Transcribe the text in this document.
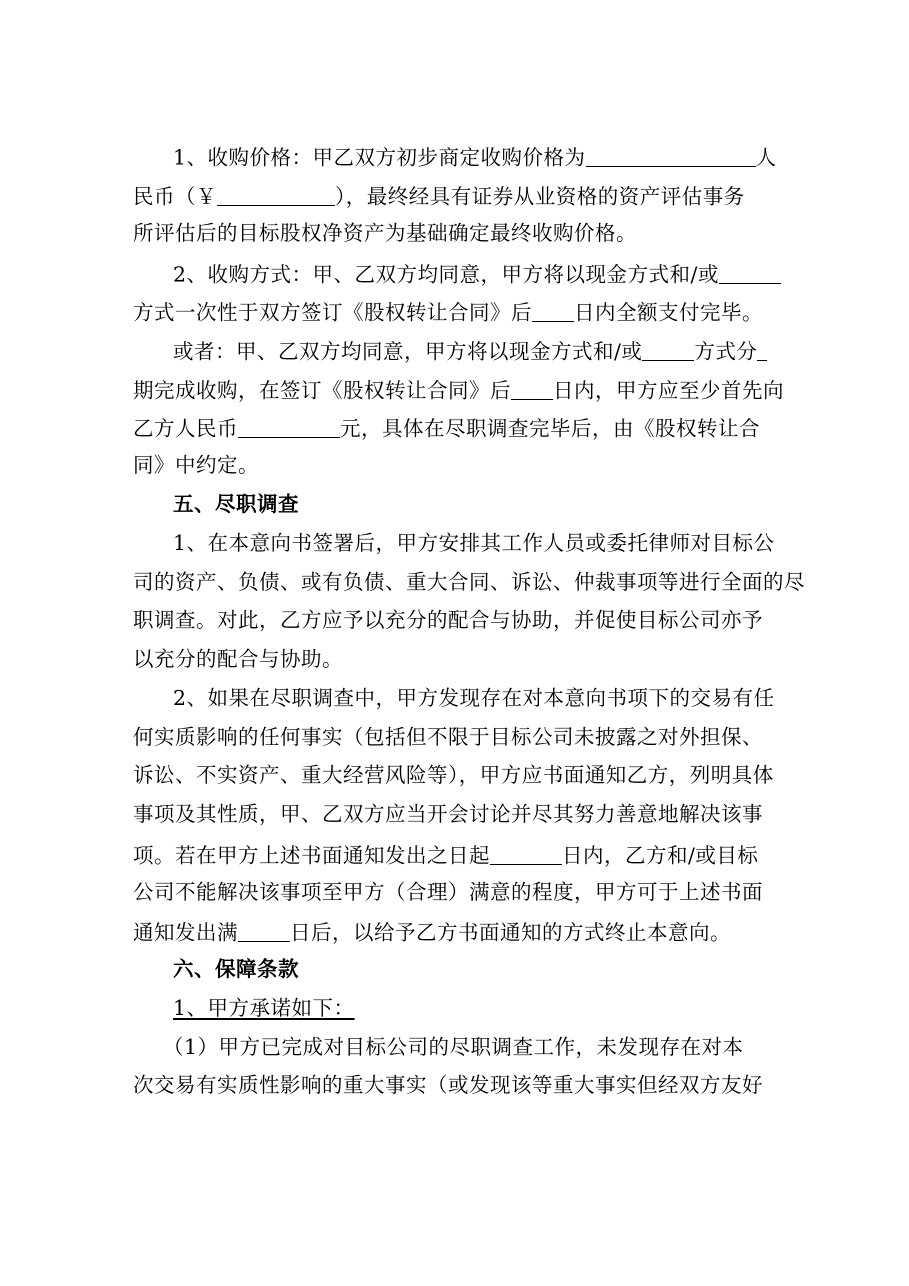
1、收购价格：甲乙双方初步商定收购价格为	人
民币（￥	），最终经具有证券从业资格的资产评估事务
所评估后的目标股权净资产为基础确定最终收购价格。
2、收购方式：甲、乙双方均同意，甲方将以现金方式和/或
方式一次性于双方签订《股权转让合同》后 日内全额支付完毕。
或者：甲、乙双方均同意，甲方将以现金方式和/或	方式分
期完成收购，在签订《股权转让合同》后 日内，甲方应至少首先向
乙方人民币	元，具体在尽职调查完毕后，由《股权转让合
同》中约定。
五、尽职调查
1、在本意向书签署后，甲方安排其工作人员或委托律师对目标公
司的资产、负债、或有负债、重大合同、诉讼、仲裁事项等进行全面的尽
职调查。对此，乙方应予以充分的配合与协助，并促使目标公司亦予
以充分的配合与协助。
2、如果在尽职调查中，甲方发现存在对本意向书项下的交易有任
何实质影响的任何事实（包括但不限于目标公司未披露之对外担保、
诉讼、不实资产、重大经营风险等），甲方应书面通知乙方，列明具体
事项及其性质，甲、乙双方应当开会讨论并尽其努力善意地解决该事
项。若在甲方上述书面通知发出之日起	日内，乙方和/或目标
公司不能解决该事项至甲方（合理）满意的程度，甲方可于上述书面
通知发出满	日后，以给予乙方书面通知的方式终止本意向。
六、保障条款
1、甲方承诺如下：
（1）甲方已完成对目标公司的尽职调查工作，未发现存在对本
次交易有实质性影响的重大事实（或发现该等重大事实但经双方友好
